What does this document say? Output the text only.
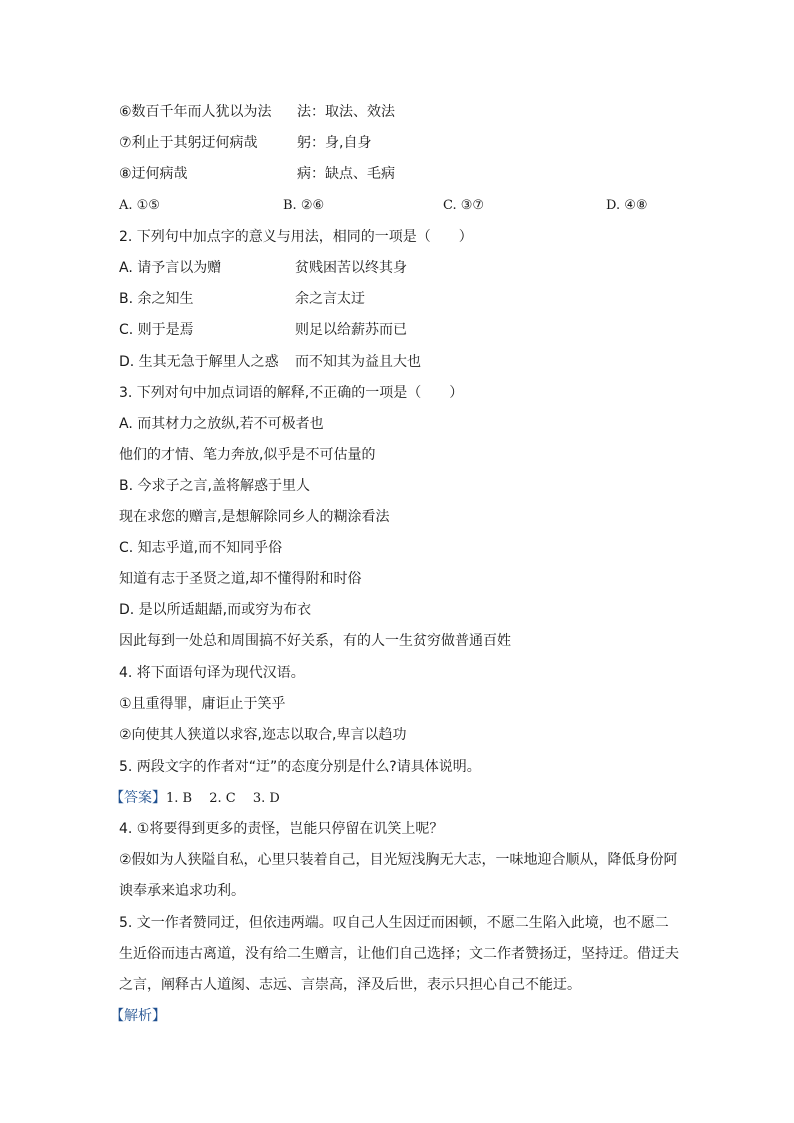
⑥数百千年而人犹以为法 法：取法、效法
⑦利止于其躬迂何病哉	躬：身,自身
⑧迂何病哉	病：缺点、毛病
A. ①⑤	B. ②⑥	C. ③⑦	D. ④⑧
2. 下列句中加点字的意义与用法，相同的一项是（　　）
A. 请予言以为赠	贫贱困苦以终其身
B. 余之知生	余之言太迂
C. 则于是焉	则足以给薪苏而已
D. 生其无急于解里人之惑 而不知其为益且大也
3. 下列对句中加点词语的解释,不正确的一项是（　　）
A. 而其材力之放纵,若不可极者也
他们的才情、笔力奔放,似乎是不可估量的
B. 今求子之言,盖将解惑于里人
现在求您的赠言,是想解除同乡人的糊涂看法
C. 知志乎道,而不知同乎俗
知道有志于圣贤之道,却不懂得附和时俗
D. 是以所适龃龉,而或穷为布衣
因此每到一处总和周围搞不好关系，有的人一生贫穷做普通百姓
4. 将下面语句译为现代汉语。
①且重得罪，庸讵止于笑乎
②向使其人狭道以求容,迩志以取合,卑言以趋功
5. 两段文字的作者对“迂”的态度分别是什么?请具体说明。
【答案】1. B　 2. C　 3. D
4. ①将要得到更多的责怪，岂能只停留在讥笑上呢？
②假如为人狭隘自私，心里只装着自己，目光短浅胸无大志，一味地迎合顺从，降低身份阿
谀奉承来追求功利。
5. 文一作者赞同迂，但依违两端。叹自己人生因迂而困顿，不愿二生陷入此境，也不愿二
生近俗而违古离道，没有给二生赠言，让他们自己选择；文二作者赞扬迂，坚持迂。借迂夫
之言，阐释古人道阂、志远、言崇高，泽及后世，表示只担心自己不能迂。
【解析】
